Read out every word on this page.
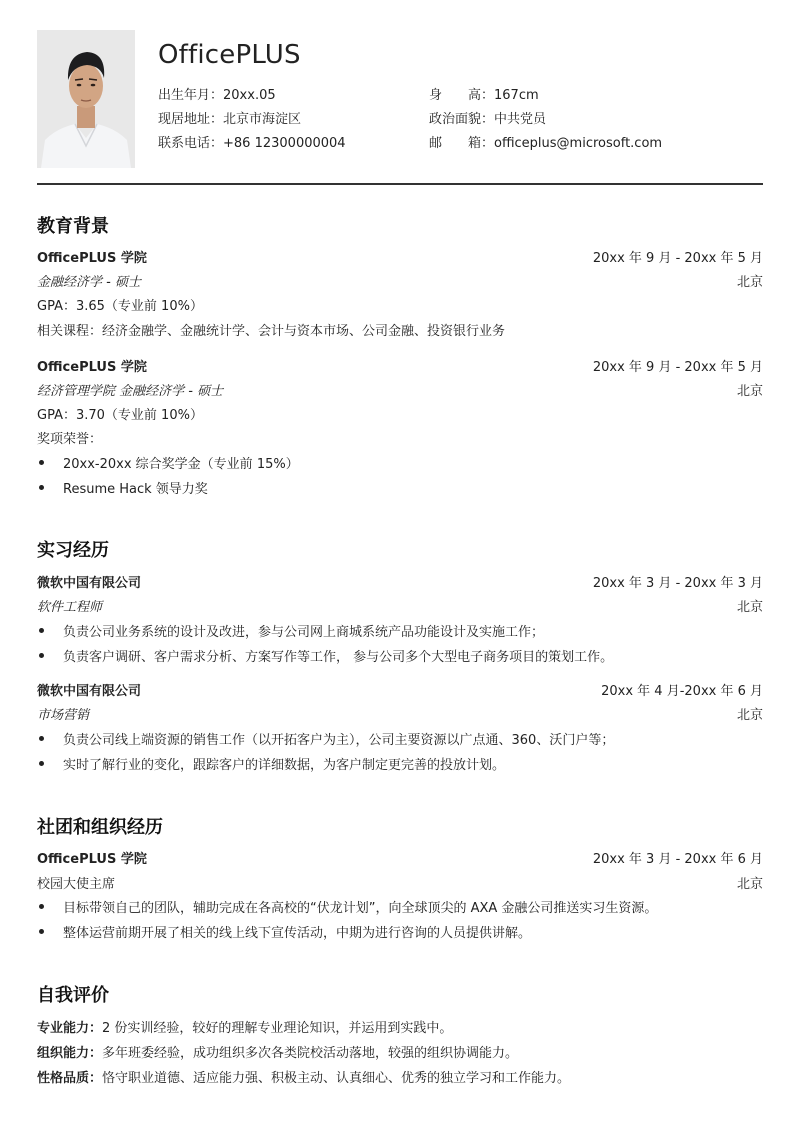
OfficePLUS
出生年月：20xx.05	身　　高：167cm
现居地址：北京市海淀区	政治面貌：中共党员
联系电话：+86 12300000004	邮　　箱：officeplus@microsoft.com
教育背景
OfficePLUS 学院	20xx 年 9 月 - 20xx 年 5 月
金融经济学 - 硕士	北京
GPA：3.65（专业前 10%）
相关课程：经济金融学、金融统计学、会计与资本市场、公司金融、投资银行业务
OfficePLUS 学院	20xx 年 9 月 - 20xx 年 5 月
经济管理学院 金融经济学 - 硕士	北京
GPA：3.70（专业前 10%）
奖项荣誉：
20xx-20xx 综合奖学金（专业前 15%）
Resume Hack 领导力奖
实习经历
微软中国有限公司	20xx 年 3 月 - 20xx 年 3 月
软件工程师	北京
负责公司业务系统的设计及改进，参与公司网上商城系统产品功能设计及实施工作；
负责客户调研、客户需求分析、方案写作等工作， 参与公司多个大型电子商务项目的策划工作。
微软中国有限公司	20xx 年 4 月-20xx 年 6 月
市场营销	北京
负责公司线上端资源的销售工作（以开拓客户为主），公司主要资源以广点通、360、沃门户等；
实时了解行业的变化，跟踪客户的详细数据，为客户制定更完善的投放计划。
社团和组织经历
OfficePLUS 学院	20xx 年 3 月 - 20xx 年 6 月
校园大使主席	北京
目标带领自己的团队，辅助完成在各高校的“伏龙计划”，向全球顶尖的 AXA 金融公司推送实习生资源。
整体运营前期开展了相关的线上线下宣传活动，中期为进行咨询的人员提供讲解。
自我评价
专业能力：2 份实训经验，较好的理解专业理论知识，并运用到实践中。
组织能力：多年班委经验，成功组织多次各类院校活动落地，较强的组织协调能力。
性格品质：恪守职业道德、适应能力强、积极主动、认真细心、优秀的独立学习和工作能力。
